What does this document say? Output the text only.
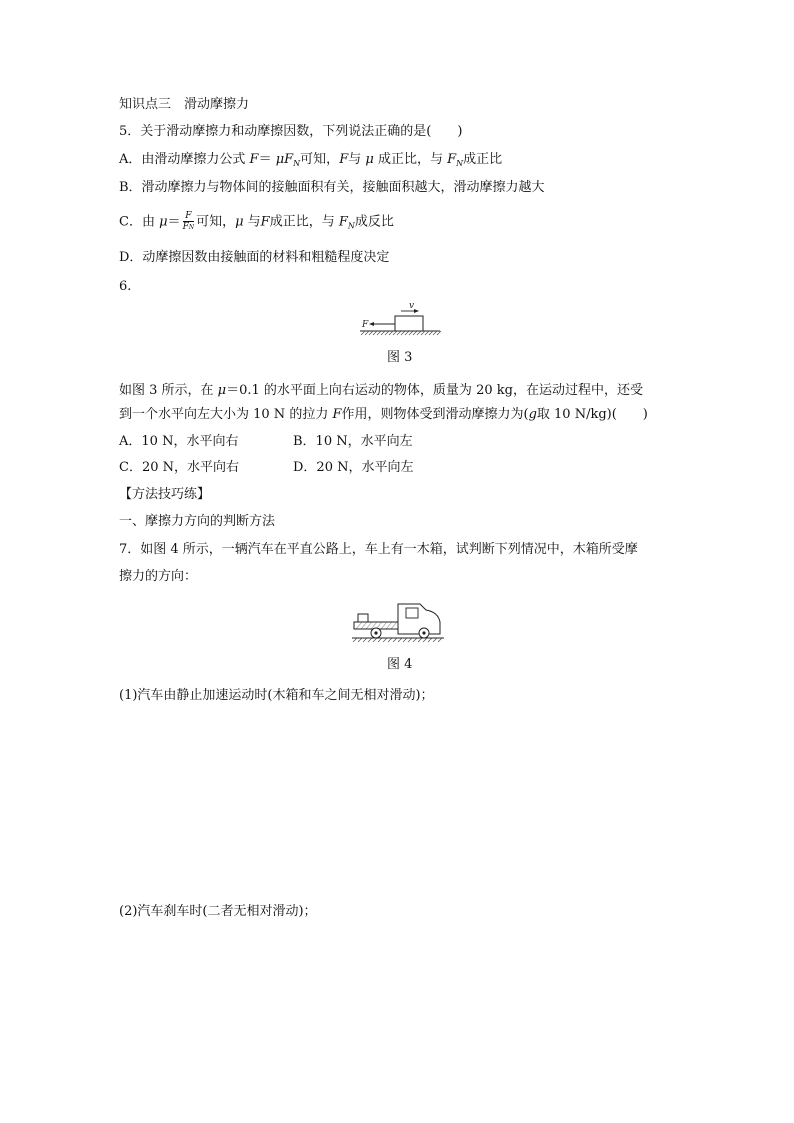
知识点三　滑动摩擦力
5．关于滑动摩擦力和动摩擦因数，下列说法正确的是(　　)
A．由滑动摩擦力公式 $F= \mu F_N$可知，F与 μ 成正比，与 $F_N$成正比
B．滑动摩擦力与物体间的接触面积有关，接触面积越大，滑动摩擦力越大
C．由 $\mu= \frac{F}{FN}$ 可知，μ 与F成正比，与 $F_N$成反比
D．动摩擦因数由接触面的材料和粗糙程度决定
6.
F
v
图 3
如图 3 所示，在 μ＝0.1 的水平面上向右运动的物体，质量为 20 kg，在运动过程中，还受
到一个水平向左大小为 10 N 的拉力 F作用，则物体受到滑动摩擦力为(g取 10 N/kg)(　　)
A．10 N，水平向右	B．10 N，水平向左
C．20 N，水平向右	D．20 N，水平向左
【方法技巧练】
一、摩擦力方向的判断方法
7．如图 4 所示，一辆汽车在平直公路上，车上有一木箱，试判断下列情况中，木箱所受摩
擦力的方向：
图 4
(1)汽车由静止加速运动时(木箱和车之间无相对滑动)；
(2)汽车刹车时(二者无相对滑动)；
